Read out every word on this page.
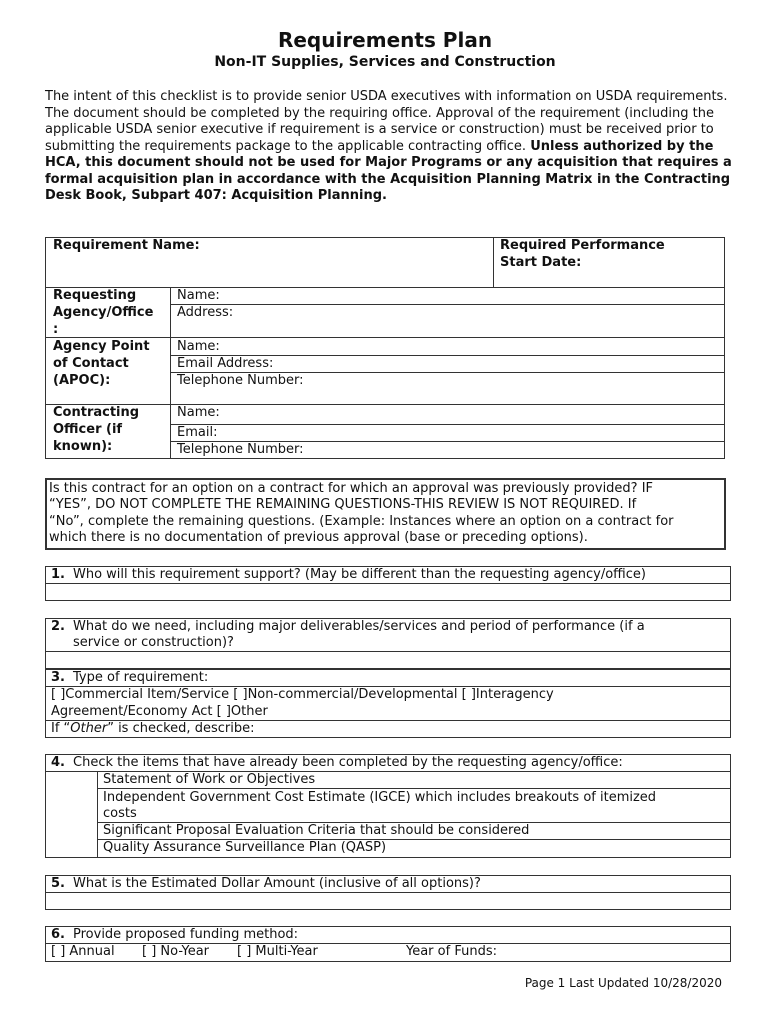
Requirements Plan
Non-IT Supplies, Services and Construction
The intent of this checklist is to provide senior USDA executives with information on USDA requirements. The document should be completed by the requiring office. Approval of the requirement (including the applicable USDA senior executive if requirement is a service or construction) must be received prior to submitting the requirements package to the applicable contracting office. Unless authorized by the HCA, this document should not be used for Major Programs or any acquisition that requires a formal acquisition plan in accordance with the Acquisition Planning Matrix in the Contracting Desk Book, Subpart 407: Acquisition Planning.
Requirement Name:	Required Performance
Start Date:
Requesting
Agency/Office
:
Name:
Address:
Agency Point
of Contact
(APOC):
Name:
Email Address:
Telephone Number:
Contracting
Officer (if
known):
Name:
Email:
Telephone Number:
Is this contract for an option on a contract for which an approval was previously provided? IF
“YES”, DO NOT COMPLETE THE REMAINING QUESTIONS-THIS REVIEW IS NOT REQUIRED. If
“No”, complete the remaining questions. (Example: Instances where an option on a contract for
which there is no documentation of previous approval (base or preceding options).
1. Who will this requirement support? (May be different than the requesting agency/office)
2. What do we need, including major deliverables/services and period of performance (if a
service or construction)?
3. Type of requirement:
[ ]Commercial Item/Service [ ]Non-commercial/Developmental [ ]Interagency
Agreement/Economy Act [ ]Other
If “Other” is checked, describe:
4. Check the items that have already been completed by the requesting agency/office:
Statement of Work or Objectives
Independent Government Cost Estimate (IGCE) which includes breakouts of itemized
costs
Significant Proposal Evaluation Criteria that should be considered
Quality Assurance Surveillance Plan (QASP)
5. What is the Estimated Dollar Amount (inclusive of all options)?
6. Provide proposed funding method:
[ ] Annual [ ] No-Year [ ] Multi-Year	Year of Funds:
Page 1 Last Updated 10/28/2020
